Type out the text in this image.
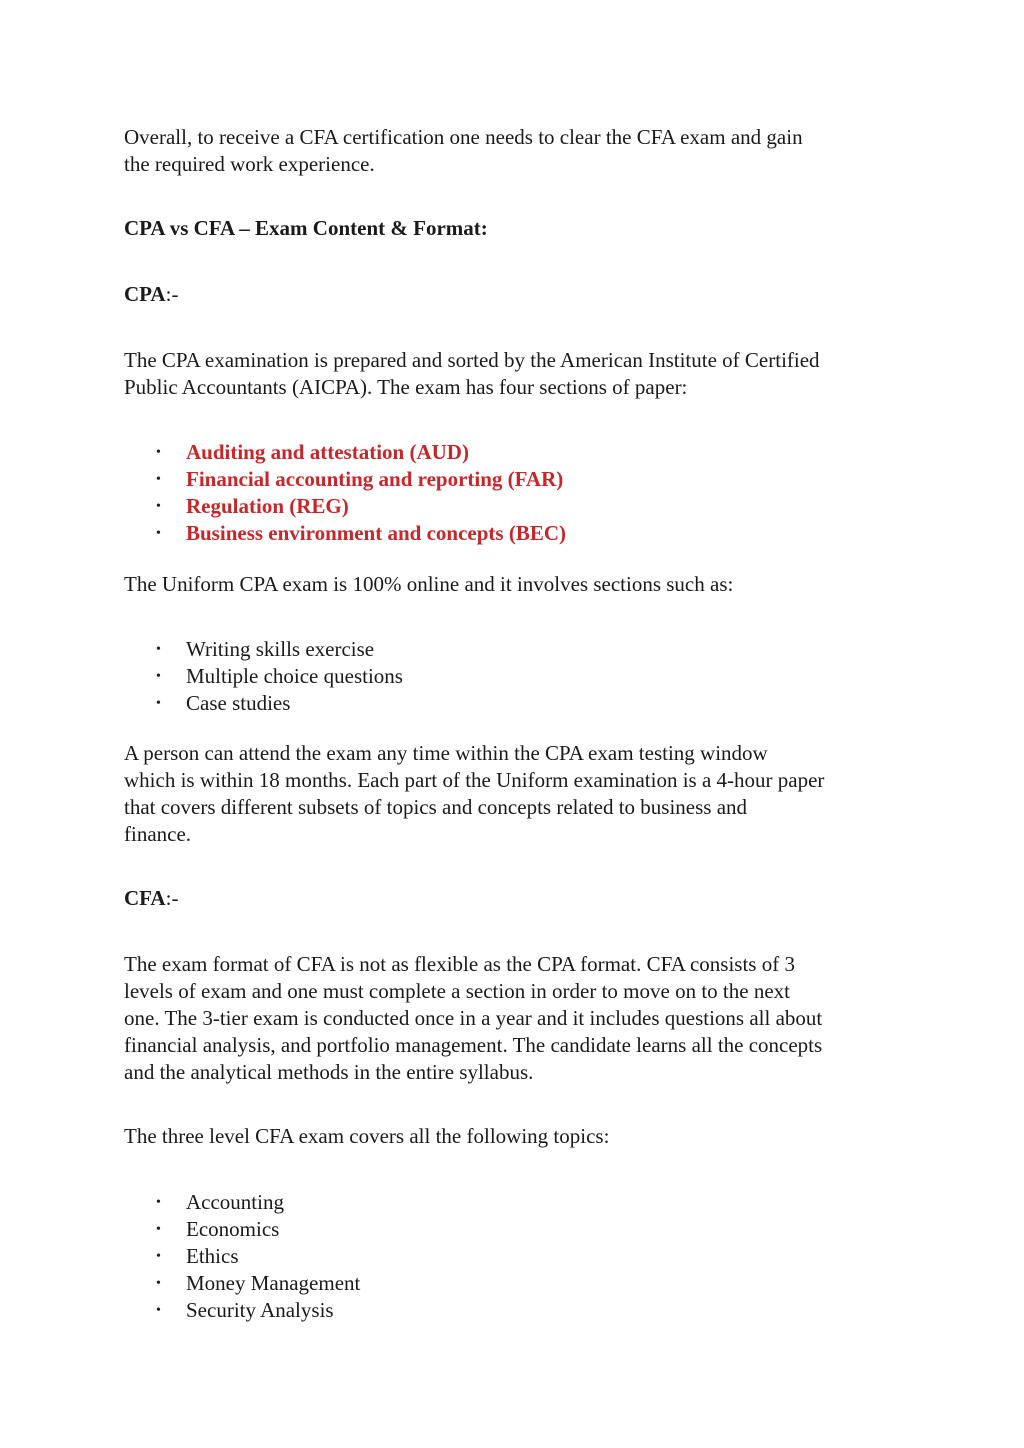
Overall, to receive a CFA certification one needs to clear the CFA exam and gain
the required work experience.

CPA vs CFA – Exam Content & Format:

CPA:-

The CPA examination is prepared and sorted by the American Institute of Certified
Public Accountants (AICPA). The exam has four sections of paper:

• Auditing and attestation (AUD)
• Financial accounting and reporting (FAR)
• Regulation (REG)
• Business environment and concepts (BEC)

The Uniform CPA exam is 100% online and it involves sections such as:

• Writing skills exercise
• Multiple choice questions
• Case studies

A person can attend the exam any time within the CPA exam testing window
which is within 18 months. Each part of the Uniform examination is a 4-hour paper
that covers different subsets of topics and concepts related to business and
finance.

CFA:-

The exam format of CFA is not as flexible as the CPA format. CFA consists of 3
levels of exam and one must complete a section in order to move on to the next
one. The 3-tier exam is conducted once in a year and it includes questions all about
financial analysis, and portfolio management. The candidate learns all the concepts
and the analytical methods in the entire syllabus.

The three level CFA exam covers all the following topics:

• Accounting
• Economics
• Ethics
• Money Management
• Security Analysis
